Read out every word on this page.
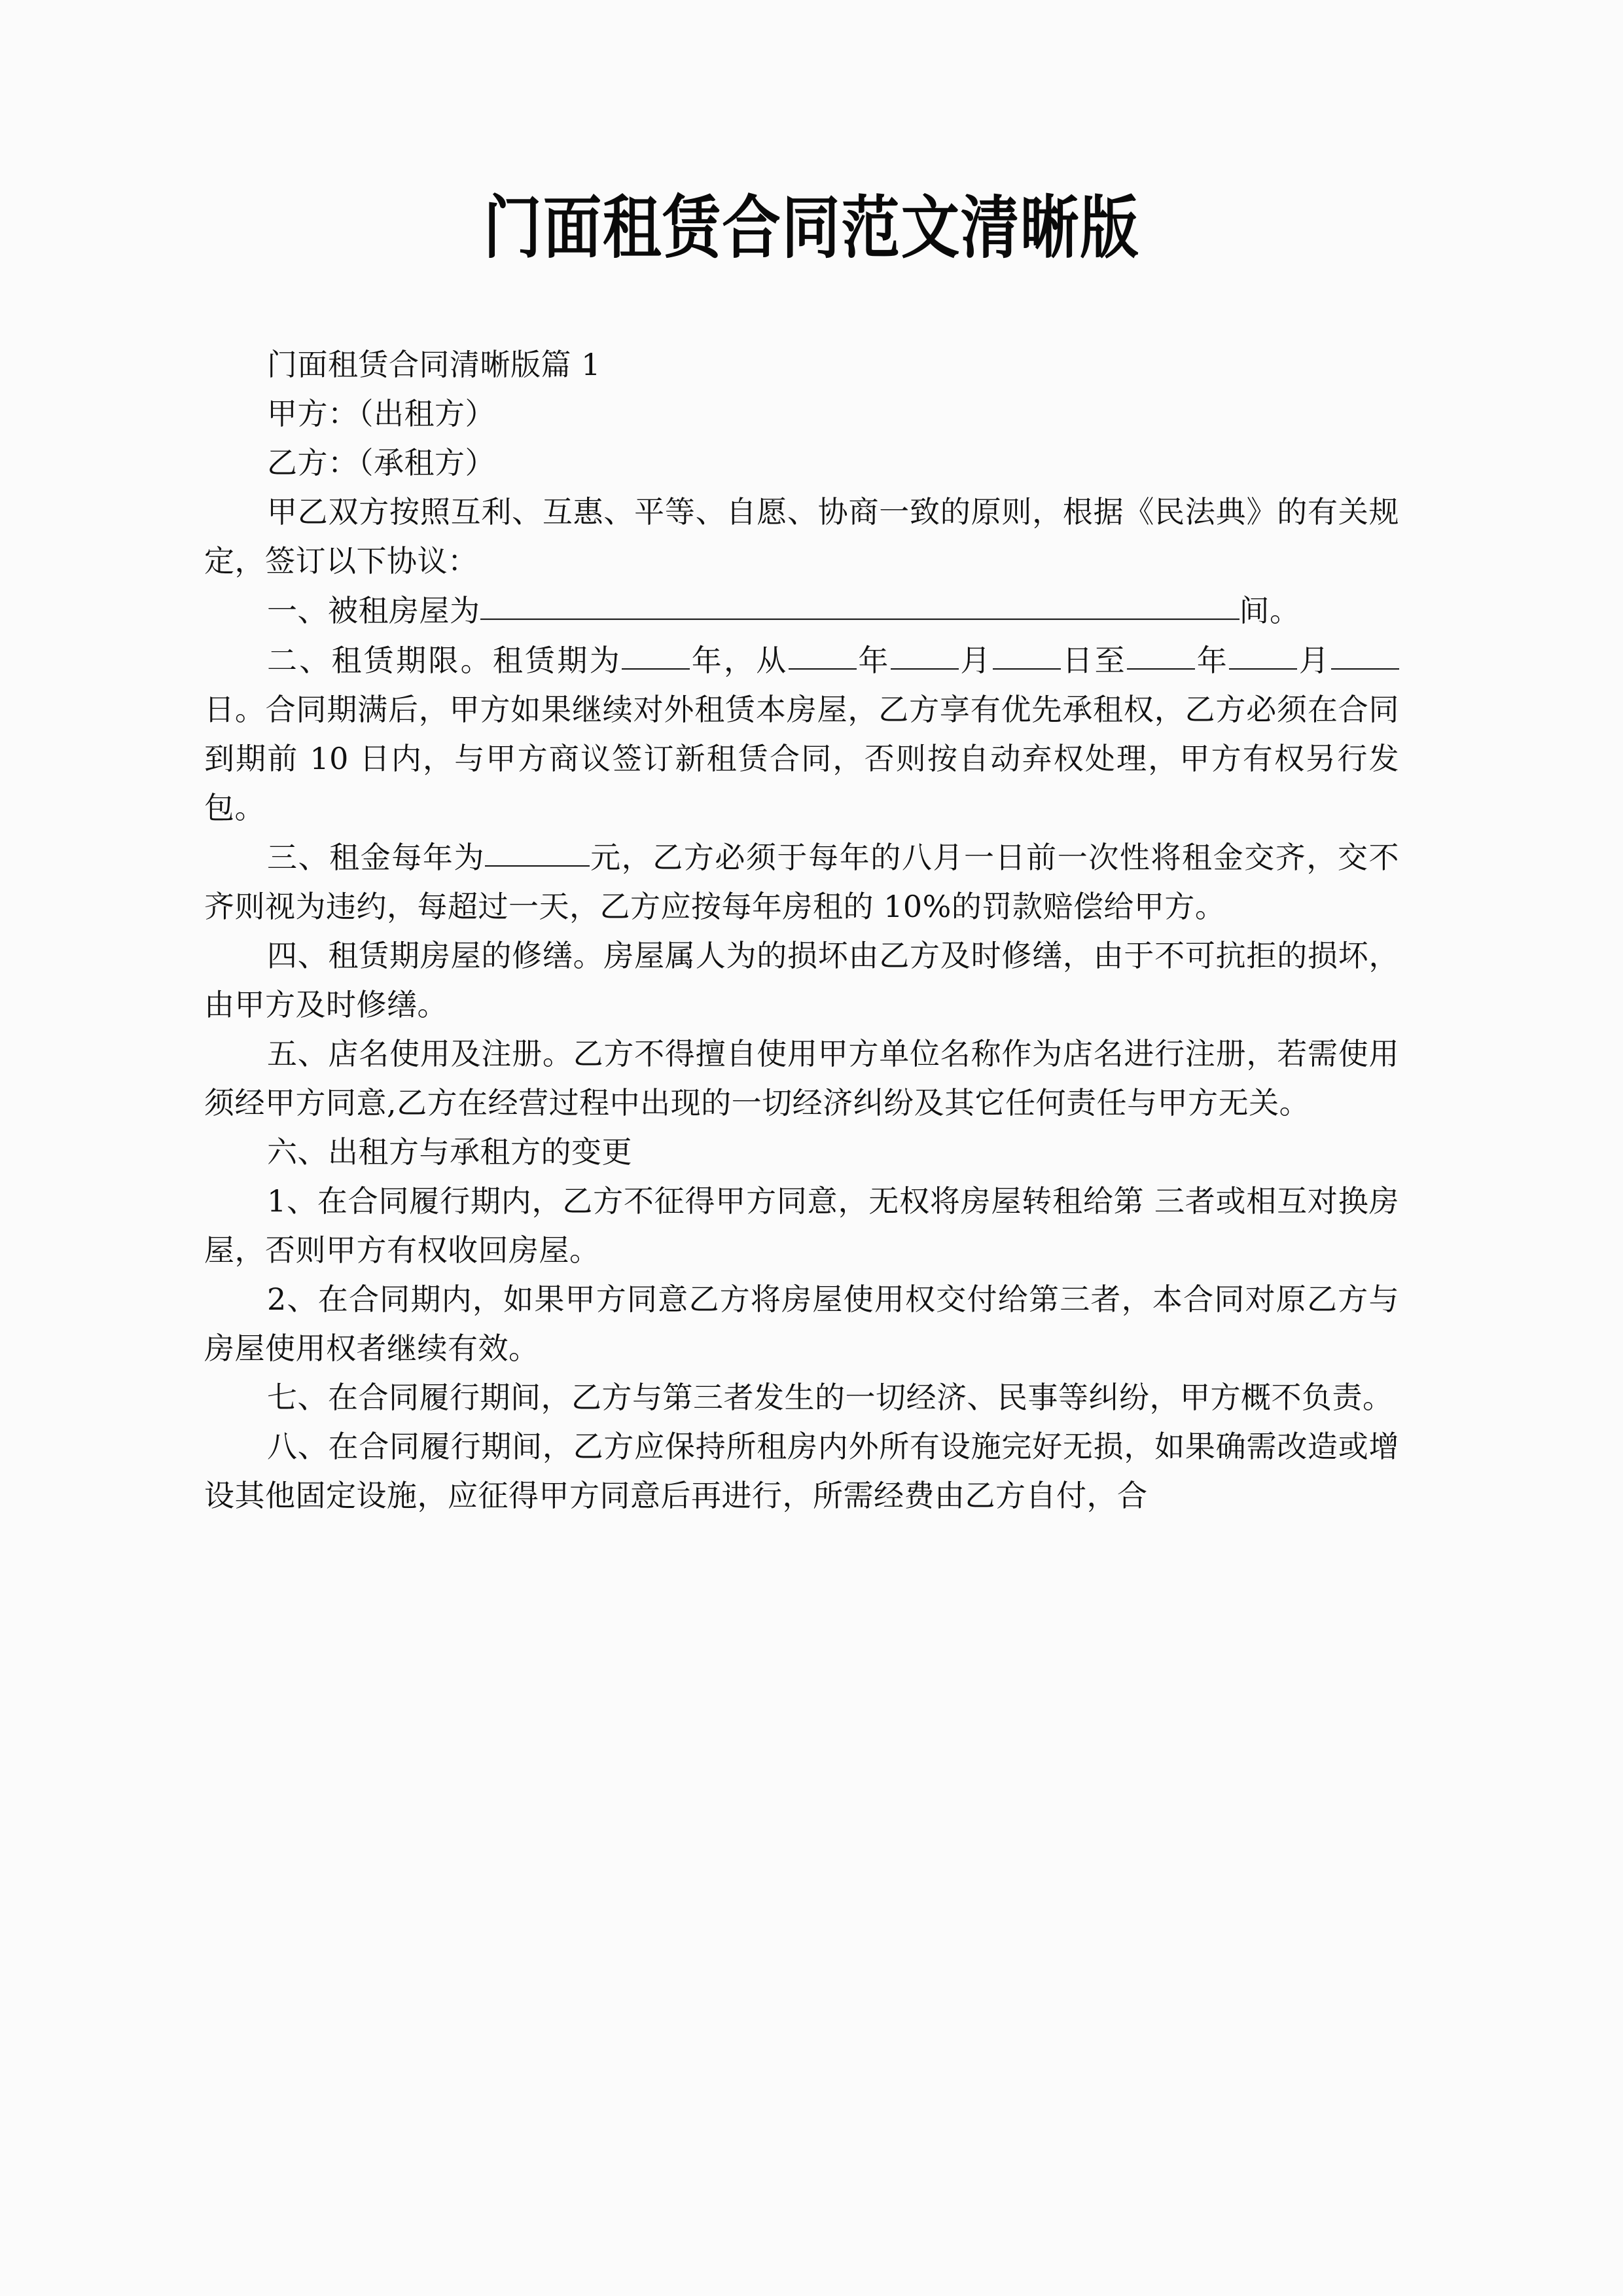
门面租赁合同范文清晰版

门面租赁合同清晰版篇 1

甲方：（出租方）

乙方：（承租方）

甲乙双方按照互利、互惠、平等、自愿、协商一致的原则，根据《民法典》的有关规定，签订以下协议：

一、被租房屋为	间。

二、租赁期限。租赁期为 年，从 年 月 日至 年 月日。合同期满后，甲方如果继续对外租赁本房屋，乙方享有优先承租权，乙方必须在合同到期前 10 日内，与甲方商议签订新租赁合同，否则按自动弃权处理，甲方有权另行发包。

三、租金每年为	元，乙方必须于每年的八月一日前一次性将租金交齐，交不齐则视为违约，每超过一天，乙方应按每年房租的 10%的罚款赔偿给甲方。

四、租赁期房屋的修缮。房屋属人为的损坏由乙方及时修缮，由于不可抗拒的损坏，由甲方及时修缮。

五、店名使用及注册。乙方不得擅自使用甲方单位名称作为店名进行注册，若需使用须经甲方同意,乙方在经营过程中出现的一切经济纠纷及其它任何责任与甲方无关。

六、出租方与承租方的变更

1、在合同履行期内，乙方不征得甲方同意，无权将房屋转租给第 三者或相互对换房屋，否则甲方有权收回房屋。

2、在合同期内，如果甲方同意乙方将房屋使用权交付给第三者，本合同对原乙方与房屋使用权者继续有效。

七、在合同履行期间，乙方与第三者发生的一切经济、民事等纠纷，甲方概不负责。

八、在合同履行期间，乙方应保持所租房内外所有设施完好无损，如果确需改造或增设其他固定设施，应征得甲方同意后再进行，所需经费由乙方自付，合
